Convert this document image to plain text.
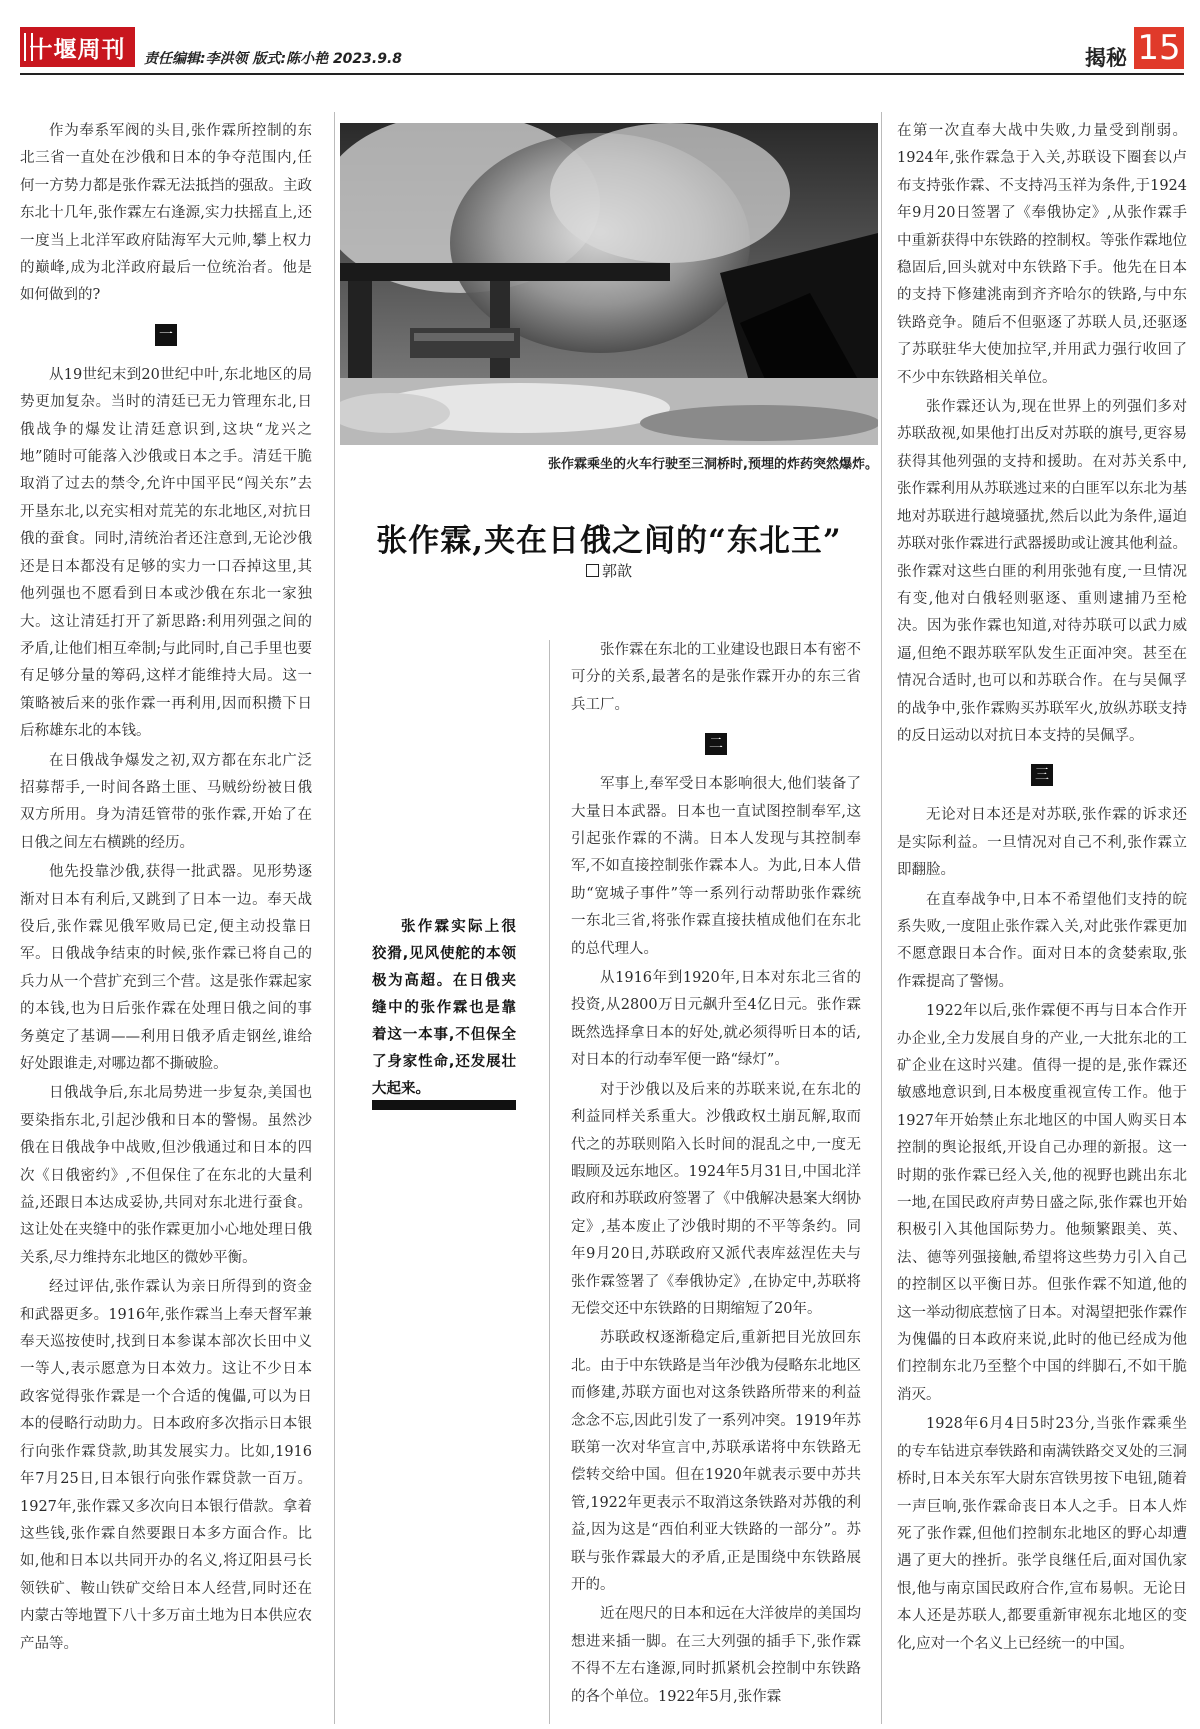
十堰周刊 责任编辑:李洪领 版式:陈小艳 2023.9.8	揭秘 15

作为奉系军阀的头目,张作霖所控制的东北三省一直处在沙俄和日本的争夺范围内,任何一方势力都是张作霖无法抵挡的强敌。主政东北十几年,张作霖左右逢源,实力扶摇直上,还一度当上北洋军政府陆海军大元帅,攀上权力的巅峰,成为北洋政府最后一位统治者。他是如何做到的?

一

从19世纪末到20世纪中叶,东北地区的局势更加复杂。当时的清廷已无力管理东北,日俄战争的爆发让清廷意识到,这块“龙兴之地”随时可能落入沙俄或日本之手。清廷干脆取消了过去的禁令,允许中国平民“闯关东”去开垦东北,以充实相对荒芜的东北地区,对抗日俄的蚕食。同时,清统治者还注意到,无论沙俄还是日本都没有足够的实力一口吞掉这里,其他列强也不愿看到日本或沙俄在东北一家独大。这让清廷打开了新思路:利用列强之间的矛盾,让他们相互牵制;与此同时,自己手里也要有足够分量的筹码,这样才能维持大局。这一策略被后来的张作霖一再利用,因而积攒下日后称雄东北的本钱。

在日俄战争爆发之初,双方都在东北广泛招募帮手,一时间各路土匪、马贼纷纷被日俄双方所用。身为清廷管带的张作霖,开始了在日俄之间左右横跳的经历。

他先投靠沙俄,获得一批武器。见形势逐渐对日本有利后,又跳到了日本一边。奉天战役后,张作霖见俄军败局已定,便主动投靠日军。日俄战争结束的时候,张作霖已将自己的兵力从一个营扩充到三个营。这是张作霖起家的本钱,也为日后张作霖在处理日俄之间的事务奠定了基调——利用日俄矛盾走钢丝,谁给好处跟谁走,对哪边都不撕破脸。

日俄战争后,东北局势进一步复杂,美国也要染指东北,引起沙俄和日本的警惕。虽然沙俄在日俄战争中战败,但沙俄通过和日本的四次《日俄密约》,不但保住了在东北的大量利益,还跟日本达成妥协,共同对东北进行蚕食。这让处在夹缝中的张作霖更加小心地处理日俄关系,尽力维持东北地区的微妙平衡。

经过评估,张作霖认为亲日所得到的资金和武器更多。1916年,张作霖当上奉天督军兼奉天巡按使时,找到日本参谋本部次长田中义一等人,表示愿意为日本效力。这让不少日本政客觉得张作霖是一个合适的傀儡,可以为日本的侵略行动助力。日本政府多次指示日本银行向张作霖贷款,助其发展实力。比如,1916年7月25日,日本银行向张作霖贷款一百万。1927年,张作霖又多次向日本银行借款。拿着这些钱,张作霖自然要跟日本多方面合作。比如,他和日本以共同开办的名义,将辽阳县弓长领铁矿、鞍山铁矿交给日本人经营,同时还在内蒙古等地置下八十多万亩土地为日本供应农产品等。

张作霖乘坐的火车行驶至三洞桥时,预埋的炸药突然爆炸。
张作霖,夹在日俄之间的“东北王”
郭歆

张作霖实际上很狡猾,见风使舵的本领极为高超。在日俄夹缝中的张作霖也是靠着这一本事,不但保全了身家性命,还发展壮大起来。

张作霖在东北的工业建设也跟日本有密不可分的关系,最著名的是张作霖开办的东三省兵工厂。

二

军事上,奉军受日本影响很大,他们装备了大量日本武器。日本也一直试图控制奉军,这引起张作霖的不满。日本人发现与其控制奉军,不如直接控制张作霖本人。为此,日本人借助“宽城子事件”等一系列行动帮助张作霖统一东北三省,将张作霖直接扶植成他们在东北的总代理人。

从1916年到1920年,日本对东北三省的投资,从2800万日元飙升至4亿日元。张作霖既然选择拿日本的好处,就必须得听日本的话,对日本的行动奉军便一路“绿灯”。

对于沙俄以及后来的苏联来说,在东北的利益同样关系重大。沙俄政权土崩瓦解,取而代之的苏联则陷入长时间的混乱之中,一度无暇顾及远东地区。1924年5月31日,中国北洋政府和苏联政府签署了《中俄解决悬案大纲协定》,基本废止了沙俄时期的不平等条约。同年9月20日,苏联政府又派代表库兹涅佐夫与张作霖签署了《奉俄协定》,在协定中,苏联将无偿交还中东铁路的日期缩短了20年。

苏联政权逐渐稳定后,重新把目光放回东北。由于中东铁路是当年沙俄为侵略东北地区而修建,苏联方面也对这条铁路所带来的利益念念不忘,因此引发了一系列冲突。1919年苏联第一次对华宣言中,苏联承诺将中东铁路无偿转交给中国。但在1920年就表示要中苏共管,1922年更表示不取消这条铁路对苏俄的利益,因为这是“西伯利亚大铁路的一部分”。苏联与张作霖最大的矛盾,正是围绕中东铁路展开的。

近在咫尺的日本和远在大洋彼岸的美国均想进来插一脚。在三大列强的插手下,张作霖不得不左右逢源,同时抓紧机会控制中东铁路的各个单位。1922年5月,张作霖

在第一次直奉大战中失败,力量受到削弱。1924年,张作霖急于入关,苏联设下圈套以卢布支持张作霖、不支持冯玉祥为条件,于1924年9月20日签署了《奉俄协定》,从张作霖手中重新获得中东铁路的控制权。等张作霖地位稳固后,回头就对中东铁路下手。他先在日本的支持下修建洮南到齐齐哈尔的铁路,与中东铁路竞争。随后不但驱逐了苏联人员,还驱逐了苏联驻华大使加拉罕,并用武力强行收回了不少中东铁路相关单位。

张作霖还认为,现在世界上的列强们多对苏联敌视,如果他打出反对苏联的旗号,更容易获得其他列强的支持和援助。在对苏关系中,张作霖利用从苏联逃过来的白匪军以东北为基地对苏联进行越境骚扰,然后以此为条件,逼迫苏联对张作霖进行武器援助或让渡其他利益。张作霖对这些白匪的利用张弛有度,一旦情况有变,他对白俄轻则驱逐、重则逮捕乃至枪决。因为张作霖也知道,对待苏联可以武力威逼,但绝不跟苏联军队发生正面冲突。甚至在情况合适时,也可以和苏联合作。在与吴佩孚的战争中,张作霖购买苏联军火,放纵苏联支持的反日运动以对抗日本支持的吴佩孚。

三

无论对日本还是对苏联,张作霖的诉求还是实际利益。一旦情况对自己不利,张作霖立即翻脸。

在直奉战争中,日本不希望他们支持的皖系失败,一度阻止张作霖入关,对此张作霖更加不愿意跟日本合作。面对日本的贪婪索取,张作霖提高了警惕。

1922年以后,张作霖便不再与日本合作开办企业,全力发展自身的产业,一大批东北的工矿企业在这时兴建。值得一提的是,张作霖还敏感地意识到,日本极度重视宣传工作。他于1927年开始禁止东北地区的中国人购买日本控制的舆论报纸,开设自己办理的新报。这一时期的张作霖已经入关,他的视野也跳出东北一地,在国民政府声势日盛之际,张作霖也开始积极引入其他国际势力。他频繁跟美、英、法、德等列强接触,希望将这些势力引入自己的控制区以平衡日苏。但张作霖不知道,他的这一举动彻底惹恼了日本。对渴望把张作霖作为傀儡的日本政府来说,此时的他已经成为他们控制东北乃至整个中国的绊脚石,不如干脆消灭。

1928年6月4日5时23分,当张作霖乘坐的专车钻进京奉铁路和南满铁路交叉处的三洞桥时,日本关东军大尉东宫铁男按下电钮,随着一声巨响,张作霖命丧日本人之手。日本人炸死了张作霖,但他们控制东北地区的野心却遭遇了更大的挫折。张学良继任后,面对国仇家恨,他与南京国民政府合作,宣布易帜。无论日本人还是苏联人,都要重新审视东北地区的变化,应对一个名义上已经统一的中国。
